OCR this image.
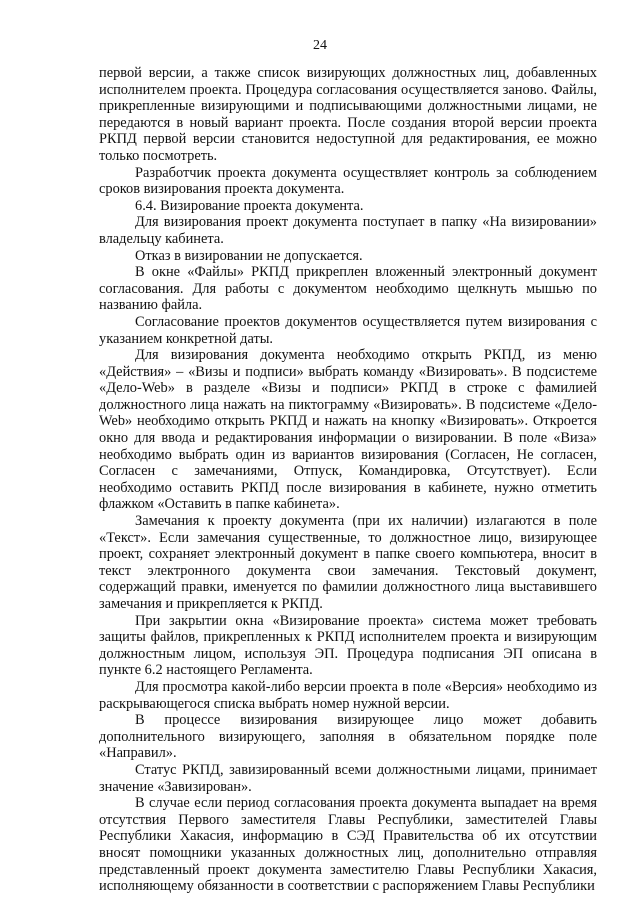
24

первой версии, а также список визирующих должностных лиц, добавленных исполнителем проекта. Процедура согласования осуществляется заново. Файлы, прикрепленные визирующими и подписывающими должностными лицами, не передаются в новый вариант проекта. После создания второй версии проекта РКПД первой версии становится недоступной для редактирования, ее можно только посмотреть.

Разработчик проекта документа осуществляет контроль за соблюдением сроков визирования проекта документа.

6.4. Визирование проекта документа.

Для визирования проект документа поступает в папку «На визировании» владельцу кабинета.

Отказ в визировании не допускается.

В окне «Файлы» РКПД прикреплен вложенный электронный документ согласования. Для работы с документом необходимо щелкнуть мышью по названию файла.

Согласование проектов документов осуществляется путем визирования с указанием конкретной даты.

Для визирования документа необходимо открыть РКПД, из меню «Действия» – «Визы и подписи» выбрать команду «Визировать». В подсистеме «Дело-Web» в разделе «Визы и подписи» РКПД в строке с фамилией должностного лица нажать на пиктограмму «Визировать». В подсистеме «Дело-Web» необходимо открыть РКПД и нажать на кнопку «Визировать». Откроется окно для ввода и редактирования информации о визировании. В поле «Виза» необходимо выбрать один из вариантов визирования (Согласен, Не согласен, Согласен с замечаниями, Отпуск, Командировка, Отсутствует). Если необходимо оставить РКПД после визирования в кабинете, нужно отметить флажком «Оставить в папке кабинета».

Замечания к проекту документа (при их наличии) излагаются в поле «Текст». Если замечания существенные, то должностное лицо, визирующее проект, сохраняет электронный документ в папке своего компьютера, вносит в текст электронного документа свои замечания. Текстовый документ, содержащий правки, именуется по фамилии должностного лица выставившего замечания и прикрепляется к РКПД.

При закрытии окна «Визирование проекта» система может требовать защиты файлов, прикрепленных к РКПД исполнителем проекта и визирующим должностным лицом, используя ЭП. Процедура подписания ЭП описана в пункте 6.2 настоящего Регламента.

Для просмотра какой-либо версии проекта в поле «Версия» необходимо из раскрывающегося списка выбрать номер нужной версии.

В процессе визирования визирующее лицо может добавить дополнительного визирующего, заполняя в обязательном порядке поле «Направил».

Статус РКПД, завизированный всеми должностными лицами, принимает значение «Завизирован».

В случае если период согласования проекта документа выпадает на время отсутствия Первого заместителя Главы Республики, заместителей Главы Республики Хакасия, информацию в СЭД Правительства об их отсутствии вносят помощники указанных должностных лиц, дополнительно отправляя представленный проект документа заместителю Главы Республики Хакасия, исполняющему обязанности в соответствии с распоряжением Главы Республики
